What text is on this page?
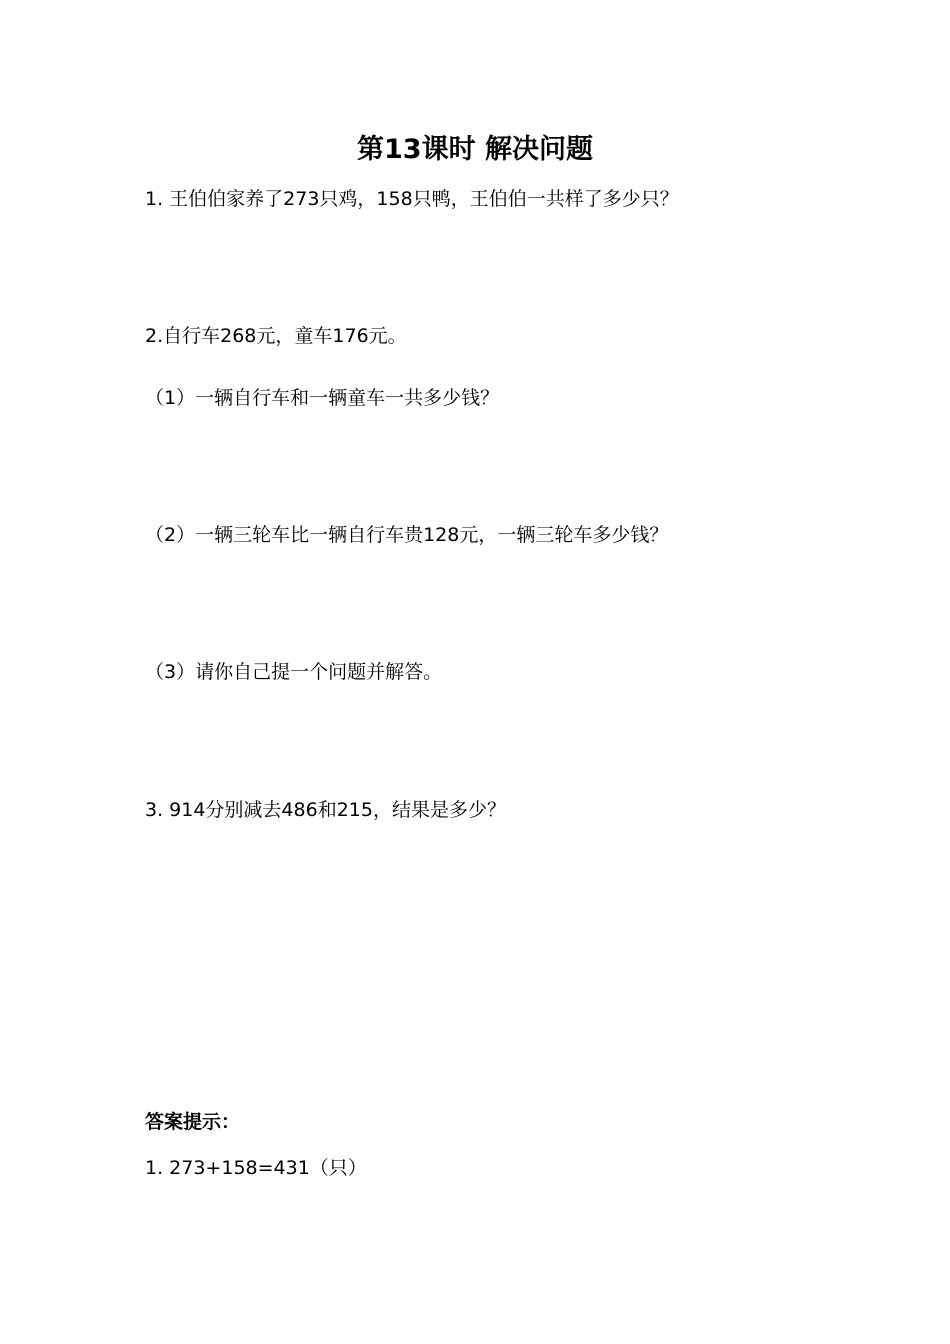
第13课时 解决问题
1. 王伯伯家养了273只鸡，158只鸭，王伯伯一共样了多少只？
2.自行车268元，童车176元。
（1）一辆自行车和一辆童车一共多少钱？
（2）一辆三轮车比一辆自行车贵128元，一辆三轮车多少钱？
（3）请你自己提一个问题并解答。
3. 914分别减去486和215，结果是多少？
答案提示：
1. 273+158=431（只）
